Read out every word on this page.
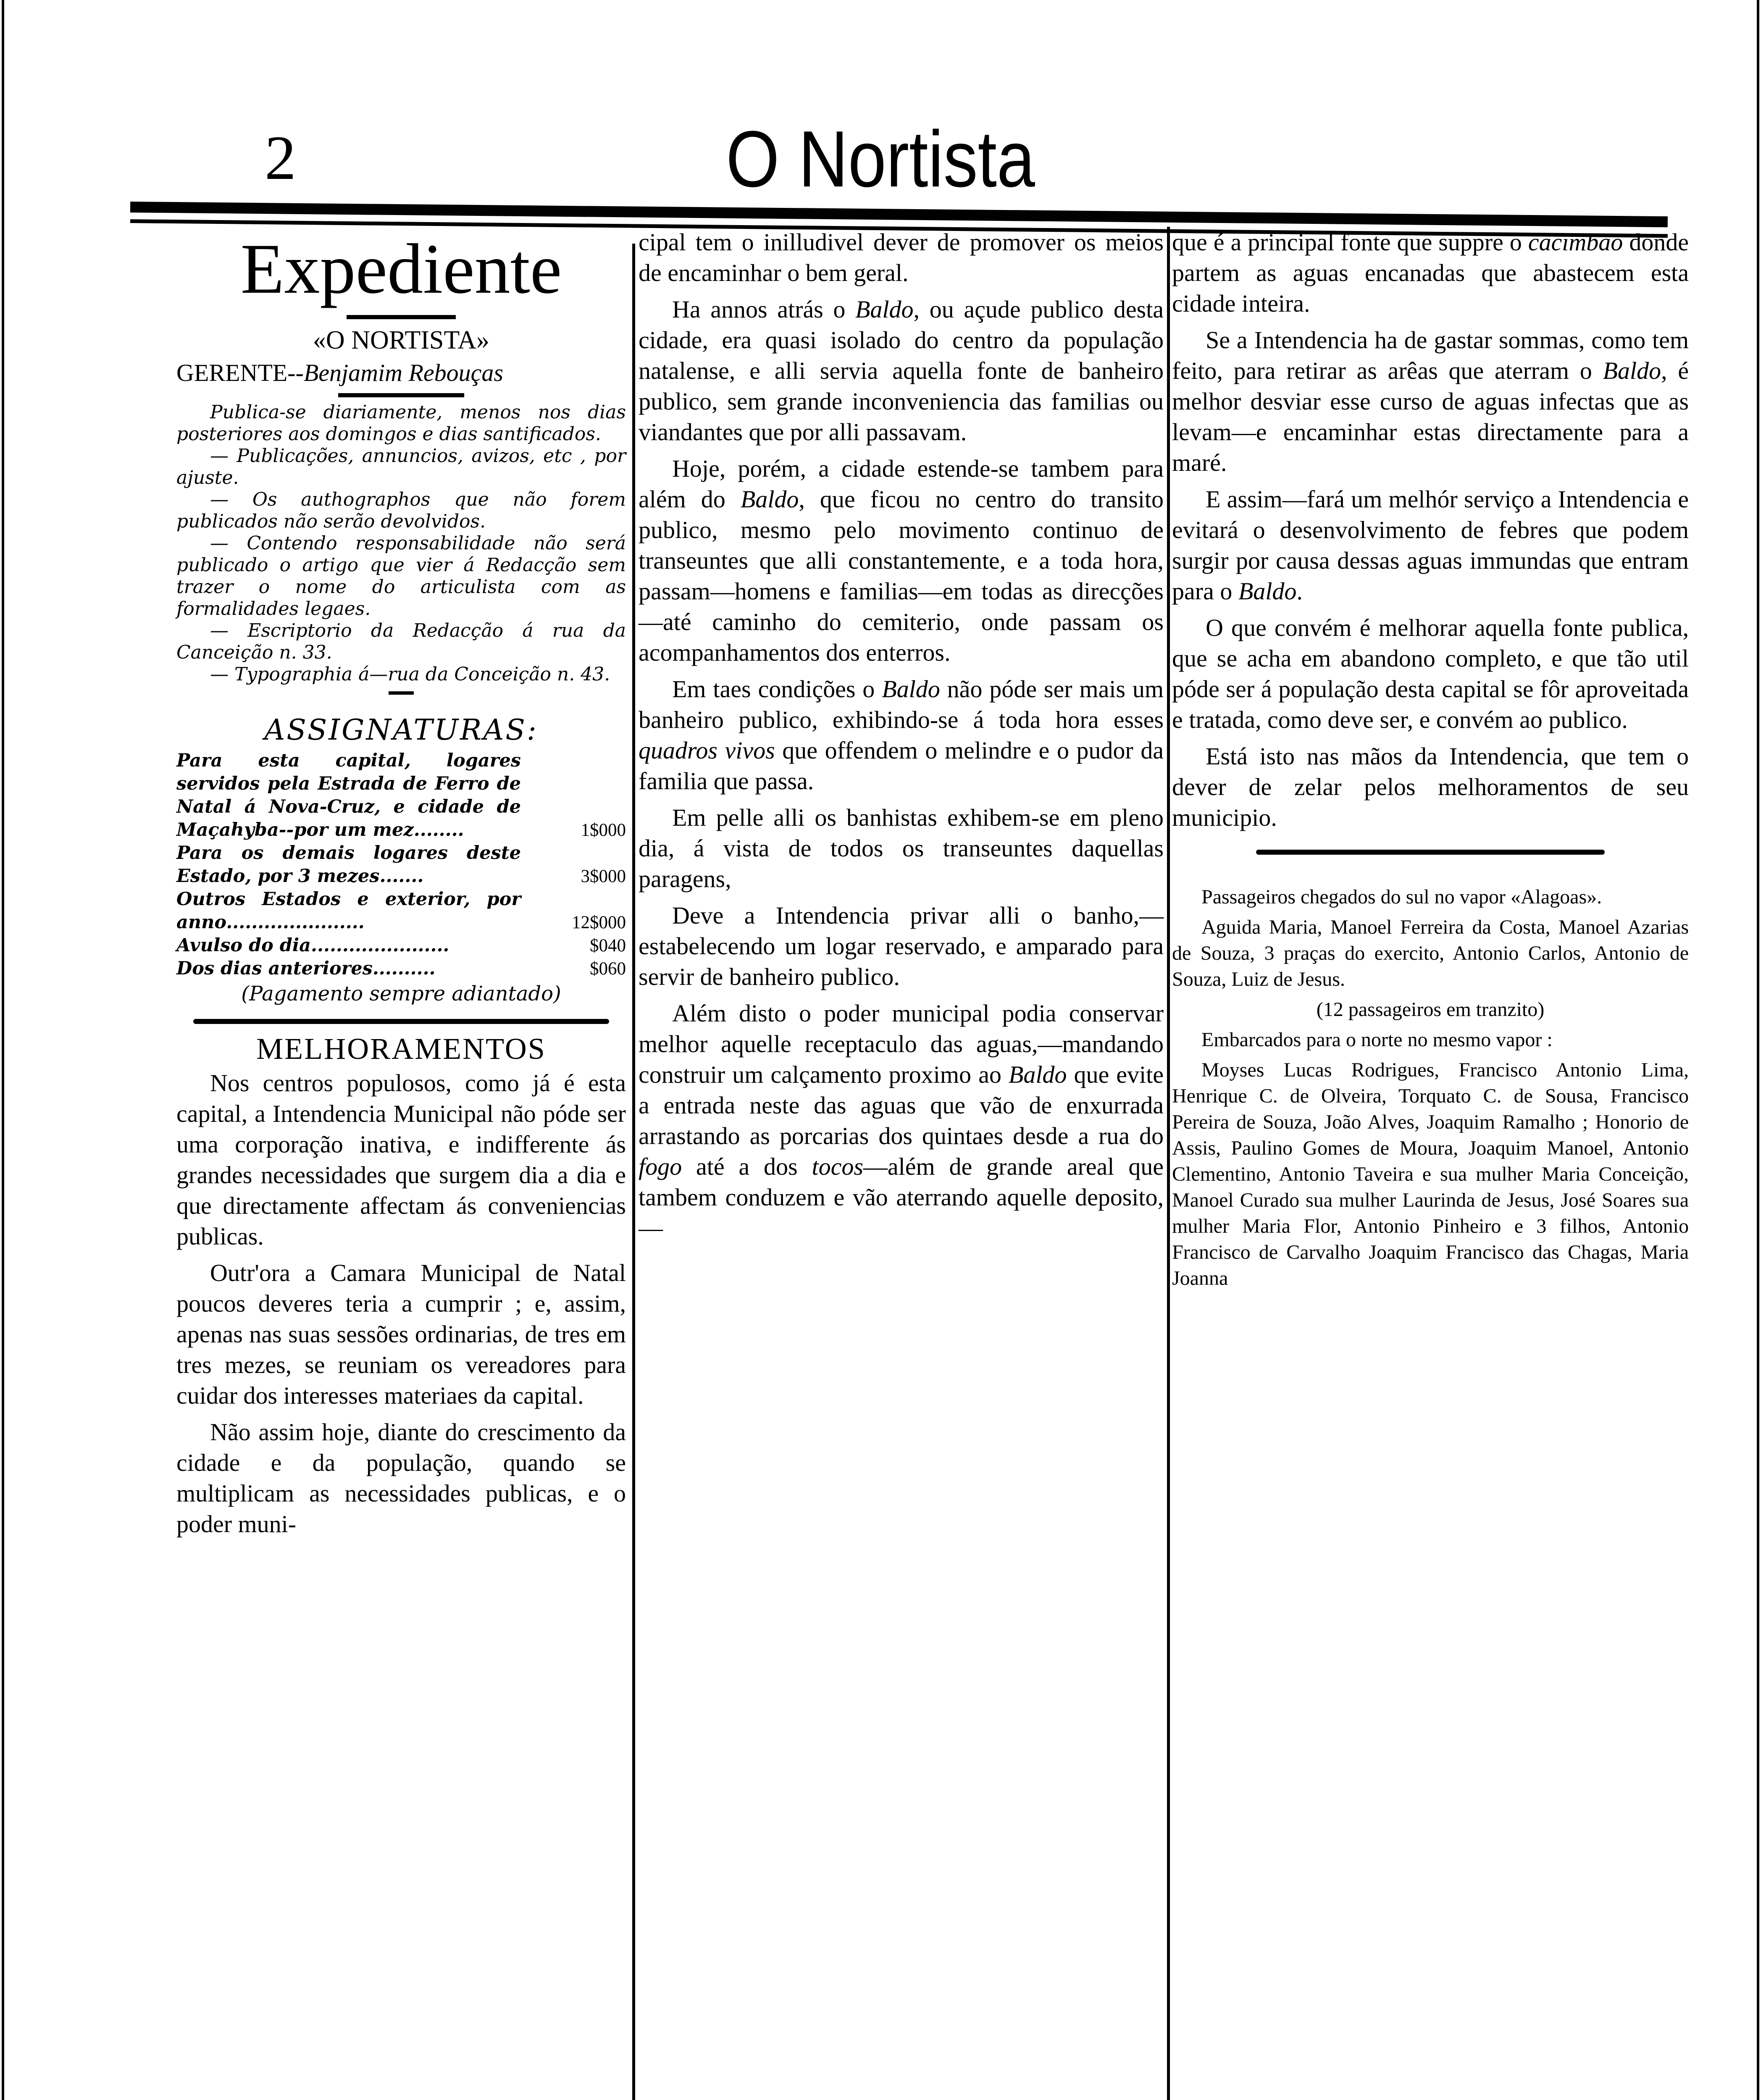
2	O Nortista
Expediente
«O NORTISTA»
GERENTE--Benjamim Rebouças
Publica-se diariamente, menos nos dias posteriores aos domingos e dias santificados.
— Publicações, annuncios, avizos, etc , por ajuste.
— Os authographos que não forem publicados não serão devolvidos.
— Contendo responsabilidade não será publicado o artigo que vier á Redacção sem trazer o nome do articulista com as formalidades legaes.
— Escriptorio da Redacção á rua da Canceição n. 33.
— Typographia á—rua da Conceição n. 43.
ASSIGNATURAS:
Para esta capital, logares servidos pela Estrada de Ferro de Natal á Nova-Cruz, e cidade de Maçahyba--por um mez........	1$000
Para os demais logares deste Estado, por 3 mezes.......	3$000
Outros Estados e exterior, por anno......................	12$000
Avulso do dia......................	$040
Dos dias anteriores..........	$060
(Pagamento sempre adiantado)
MELHORAMENTOS

Nos centros populosos, como já é esta capital, a Intendencia Municipal não póde ser uma corporação inativa, e indifferente ás grandes necessidades que surgem dia a dia e que directamente affectam ás conveniencias publicas.

Outr'ora a Camara Municipal de Natal poucos deveres teria a cumprir ; e, assim, apenas nas suas sessões ordinarias, de tres em tres mezes, se reuniam os vereadores para cuidar dos interesses materiaes da capital.

Não assim hoje, diante do crescimento da cidade e da população, quando se multiplicam as necessidades publicas, e o poder muni-

cipal tem o inilludivel dever de promover os meios de encaminhar o bem geral.

Ha annos atrás o Baldo, ou açude publico desta cidade, era quasi isolado do centro da população natalense, e alli servia aquella fonte de banheiro publico, sem grande inconveniencia das familias ou viandantes que por alli passavam.

Hoje, porém, a cidade estende-se tambem para além do Baldo, que ficou no centro do transito publico, mesmo pelo movimento continuo de transeuntes que alli constantemente, e a toda hora, passam—homens e familias—em todas as direcções—até caminho do cemiterio, onde passam os acompanhamentos dos enterros.

Em taes condições o Baldo não póde ser mais um banheiro publico, exhibindo-se á toda hora esses quadros vivos que offendem o melindre e o pudor da familia que passa.

Em pelle alli os banhistas exhibem-se em pleno dia, á vista de todos os transeuntes daquellas paragens,

Deve a Intendencia privar alli o banho,—estabelecendo um logar reservado, e amparado para servir de banheiro publico.

Além disto o poder municipal podia conservar melhor aquelle receptaculo das aguas,—mandando construir um calçamento proximo ao Baldo que evite a entrada neste das aguas que vão de enxurrada arrastando as porcarias dos quintaes desde a rua do fogo até a dos tocos—além de grande areal que tambem conduzem e vão aterrando aquelle deposito,—

que é a principal fonte que suppre o cacimbão donde partem as aguas encanadas que abastecem esta cidade inteira.

Se a Intendencia ha de gastar sommas, como tem feito, para retirar as arêas que aterram o Baldo, é melhor desviar esse curso de aguas infectas que as levam—e encaminhar estas directamente para a maré.

E assim—fará um melhór serviço a Intendencia e evitará o desenvolvimento de febres que podem surgir por causa dessas aguas immundas que entram para o Baldo.

O que convém é melhorar aquella fonte publica, que se acha em abandono completo, e que tão util póde ser á população desta capital se fôr aproveitada e tratada, como deve ser, e convém ao publico.

Está isto nas mãos da Intendencia, que tem o dever de zelar pelos melhoramentos de seu municipio.

Passageiros chegados do sul no vapor «Alagoas».

Aguida Maria, Manoel Ferreira da Costa, Manoel Azarias de Souza, 3 praças do exercito, Antonio Carlos, Antonio de Souza, Luiz de Jesus.

(12 passageiros em tranzito)

Embarcados para o norte no mesmo vapor :

Moyses Lucas Rodrigues, Francisco Antonio Lima, Henrique C. de Olveira, Torquato C. de Sousa, Francisco Pereira de Souza, João Alves, Joaquim Ramalho ; Honorio de Assis, Paulino Gomes de Moura, Joaquim Manoel, Antonio Clementino, Antonio Taveira e sua mulher Maria Conceição, Manoel Curado sua mulher Laurinda de Jesus, José Soares sua mulher Maria Flor, Antonio Pinheiro e 3 filhos, Antonio Francisco de Carvalho Joaquim Francisco das Chagas, Maria Joanna
